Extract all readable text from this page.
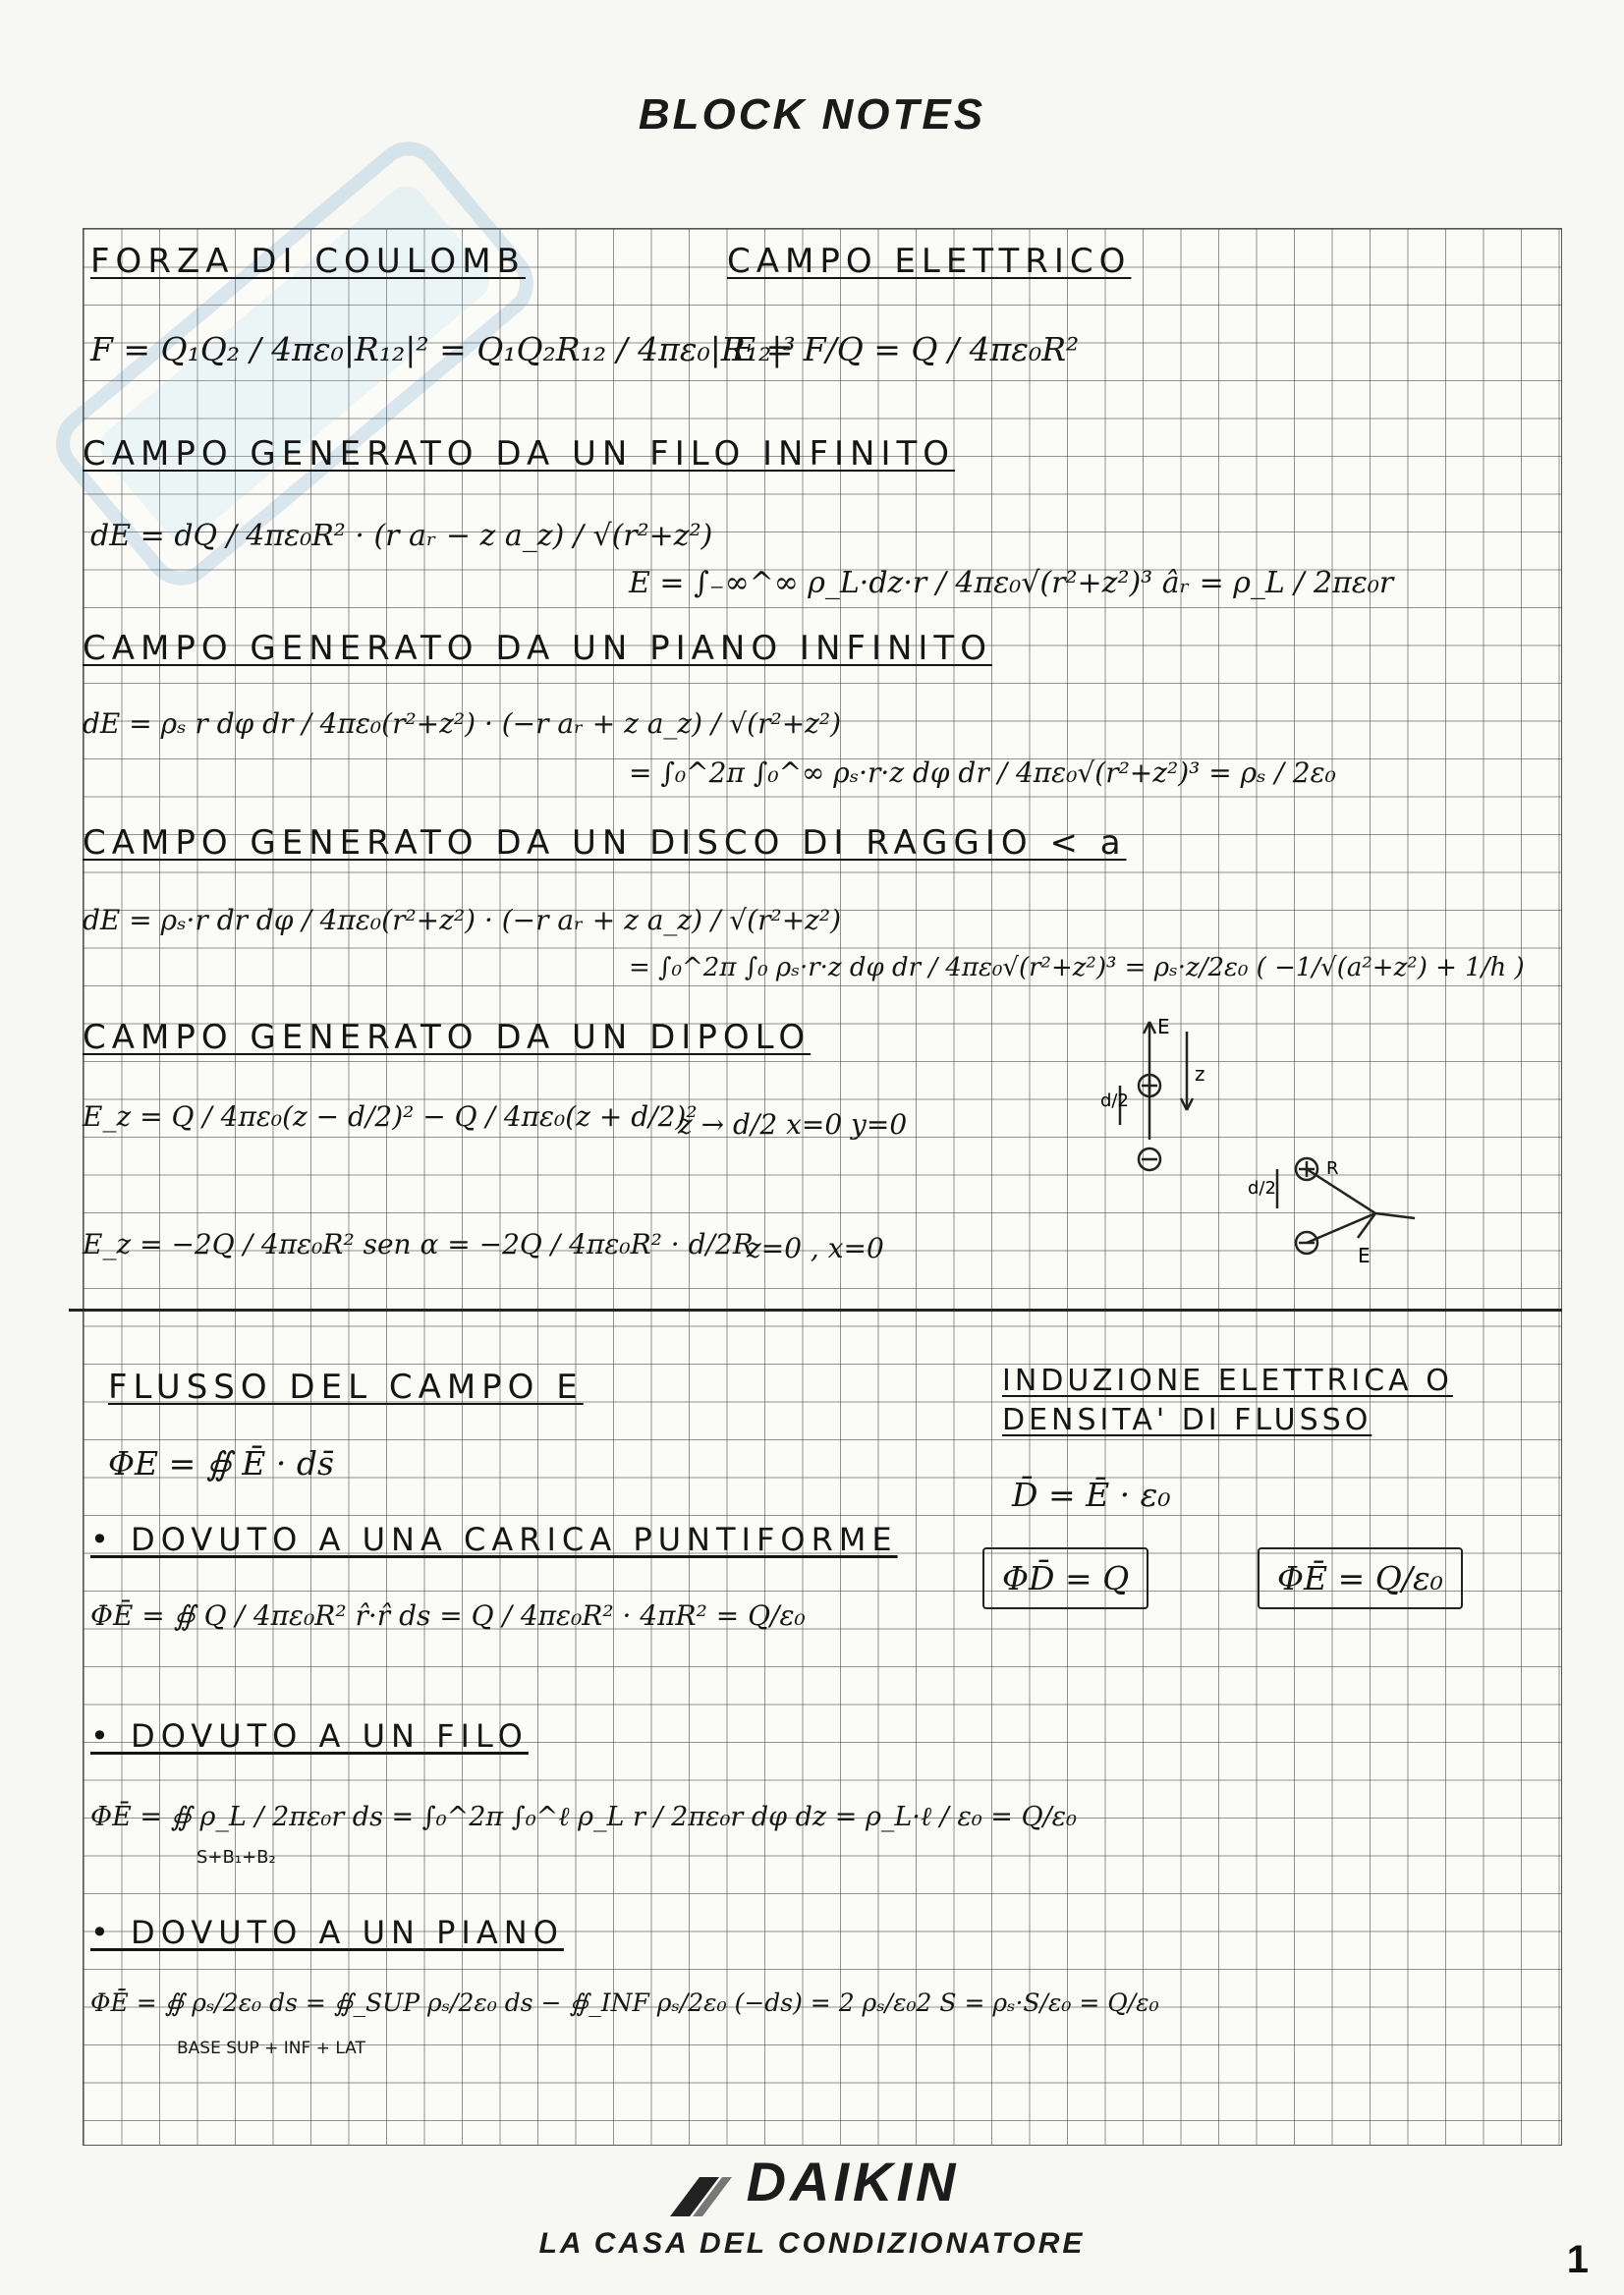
BLOCK NOTES
FORZA DI COULOMB	CAMPO ELETTRICO
F = Q₁Q₂ / 4πε₀|R₁₂|² = Q₁Q₂R₁₂ / 4πε₀|R₁₂|³
E = F/Q = Q / 4πε₀R²
CAMPO GENERATO DA UN FILO INFINITO
dE = dQ / 4πε₀R² · (r aᵣ − z a_z) / √(r²+z²)
E = ∫₋∞^∞ ρ_L·dz·r / 4πε₀√(r²+z²)³ âᵣ = ρ_L / 2πε₀r
CAMPO GENERATO DA UN PIANO INFINITO
dE = ρₛ r dφ dr / 4πε₀(r²+z²) · (−r aᵣ + z a_z) / √(r²+z²)
= ∫₀^2π ∫₀^∞ ρₛ·r·z dφ dr / 4πε₀√(r²+z²)³ = ρₛ / 2ε₀
CAMPO GENERATO DA UN DISCO DI RAGGIO < a
dE = ρₛ·r dr dφ / 4πε₀(r²+z²) · (−r aᵣ + z a_z) / √(r²+z²)
= ∫₀^2π ∫₀ ρₛ·r·z dφ dr / 4πε₀√(r²+z²)³ = ρₛ·z/2ε₀ ( −1/√(a²+z²) + 1/h )
CAMPO GENERATO DA UN DIPOLO
E_z = Q / 4πε₀(z − d/2)² − Q / 4πε₀(z + d/2)²
z → d/2 x=0 y=0
E_z = −2Q / 4πε₀R² sen α = −2Q / 4πε₀R² · d/2R
z=0 , x=0
E
z
d/2
d/2
R
E
FLUSSO DEL CAMPO E
ΦE = ∯ Ē · ds̄
INDUZIONE ELETTRICA O
DENSITA' DI FLUSSO
D̄ = Ē · ε₀
ΦD̄ = Q	ΦĒ = Q/ε₀
• DOVUTO A UNA CARICA PUNTIFORME
ΦĒ = ∯ Q / 4πε₀R² r̂·r̂ ds = Q / 4πε₀R² · 4πR² = Q/ε₀
• DOVUTO A UN FILO
ΦĒ = ∯ ρ_L / 2πε₀r ds = ∫₀^2π ∫₀^ℓ ρ_L r / 2πε₀r dφ dz = ρ_L·ℓ / ε₀ = Q/ε₀
S+B₁+B₂
• DOVUTO A UN PIANO
ΦĒ = ∯ ρₛ/2ε₀ ds = ∯_SUP ρₛ/2ε₀ ds − ∯_INF ρₛ/2ε₀ (−ds) = 2 ρₛ/ε₀2 S = ρₛ·S/ε₀ = Q/ε₀
BASE SUP + INF + LAT
DAIKIN
LA CASA DEL CONDIZIONATORE	1
